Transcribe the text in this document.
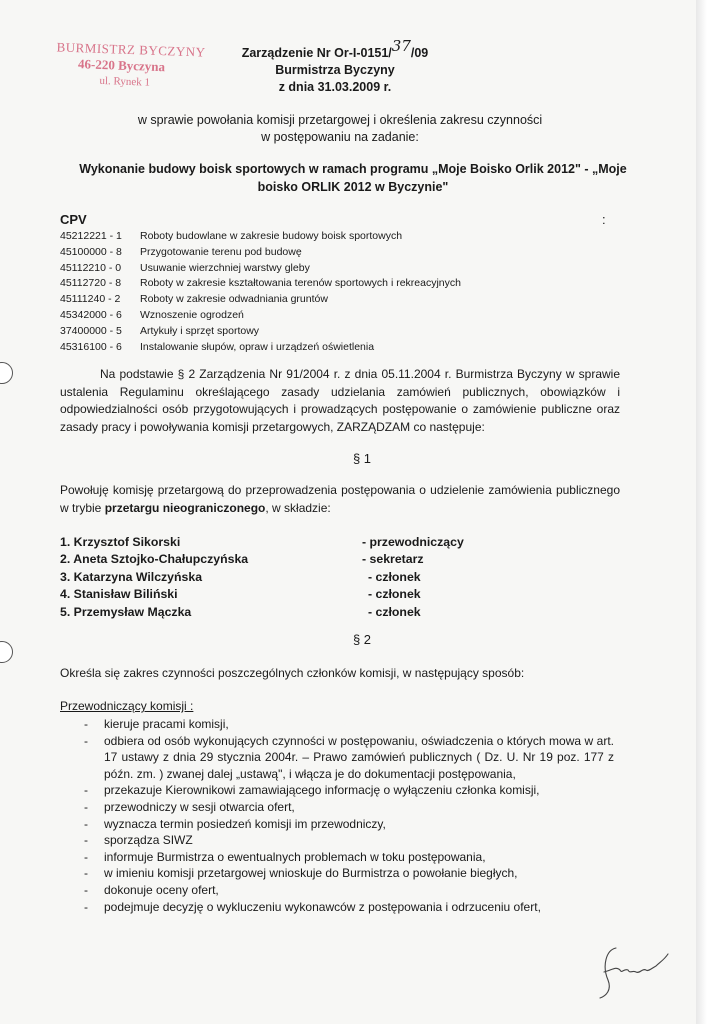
BURMISTRZ BYCZYNY
46-220 Byczyna
ul. Rynek 1
Zarządzenie Nr Or-I-0151/37/09
Burmistrza Byczyny
z dnia 31.03.2009 r.
w sprawie powołania komisji przetargowej i określenia zakresu czynności
w postępowaniu na zadanie:
Wykonanie budowy boisk sportowych w ramach programu „Moje Boisko Orlik 2012" - „Moje boisko ORLIK 2012 w Byczynie"
CPV	:
45212221 - 1 Roboty budowlane w zakresie budowy boisk sportowych
45100000 - 8 Przygotowanie terenu pod budowę
45112210 - 0 Usuwanie wierzchniej warstwy gleby
45112720 - 8 Roboty w zakresie kształtowania terenów sportowych i rekreacyjnych
45111240 - 2 Roboty w zakresie odwadniania gruntów
45342000 - 6 Wznoszenie ogrodzeń
37400000 - 5 Artykuły i sprzęt sportowy
45316100 - 6 Instalowanie słupów, opraw i urządzeń oświetlenia
Na podstawie § 2 Zarządzenia Nr 91/2004 r. z dnia 05.11.2004 r. Burmistrza Byczyny w sprawie ustalenia Regulaminu określającego zasady udzielania zamówień publicznych, obowiązków i odpowiedzialności osób przygotowujących i prowadzących postępowanie o zamówienie publiczne oraz zasady pracy i powoływania komisji przetargowych, ZARZĄDZAM co następuje:
§ 1
Powołuję komisję przetargową do przeprowadzenia postępowania o udzielenie zamówienia publicznego w trybie przetargu nieograniczonego, w składzie:
1. Krzysztof Sikorski
2. Aneta Sztojko-Chałupczyńska
3. Katarzyna Wilczyńska
4. Stanisław Biliński
5. Przemysław Mączka
- przewodniczący
- sekretarz
- członek
- członek
- członek
§ 2
Określa się zakres czynności poszczególnych członków komisji, w następujący sposób:
Przewodniczący komisji :
- kieruje pracami komisji,
- odbiera od osób wykonujących czynności w postępowaniu, oświadczenia o których mowa w art. 17 ustawy z dnia 29 stycznia 2004r. – Prawo zamówień publicznych ( Dz. U. Nr 19 poz. 177 z późn. zm. ) zwanej dalej „ustawą", i włącza je do dokumentacji postępowania,
- przekazuje Kierownikowi zamawiającego informację o wyłączeniu członka komisji,
- przewodniczy w sesji otwarcia ofert,
- wyznacza termin posiedzeń komisji im przewodniczy,
- sporządza SIWZ
- informuje Burmistrza o ewentualnych problemach w toku postępowania,
- w imieniu komisji przetargowej wnioskuje do Burmistrza o powołanie biegłych,
- dokonuje oceny ofert,
- podejmuje decyzję o wykluczeniu wykonawców z postępowania i odrzuceniu ofert,
